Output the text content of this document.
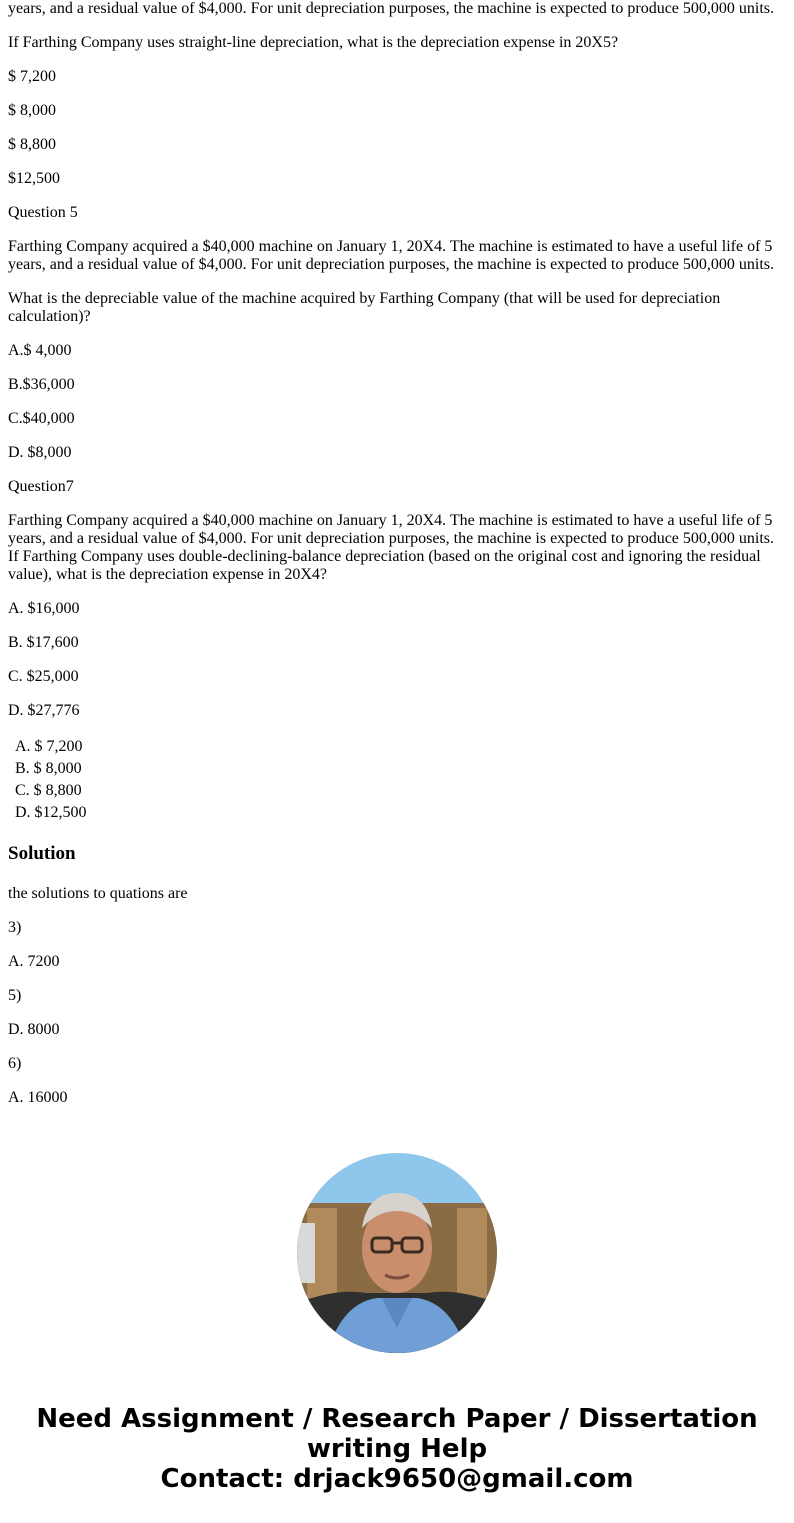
years, and a residual value of $4,000. For unit depreciation purposes, the machine is expected to produce 500,000 units.

If Farthing Company uses straight-line depreciation, what is the depreciation expense in 20X5?

$ 7,200

$ 8,000

$ 8,800

$12,500

Question 5

Farthing Company acquired a $40,000 machine on January 1, 20X4. The machine is estimated to have a useful life of 5 years, and a residual value of $4,000. For unit depreciation purposes, the machine is expected to produce 500,000 units.

What is the depreciable value of the machine acquired by Farthing Company (that will be used for depreciation calculation)?

A.$ 4,000

B.$36,000

C.$40,000

D. $8,000

Question7

Farthing Company acquired a $40,000 machine on January 1, 20X4. The machine is estimated to have a useful life of 5 years, and a residual value of $4,000. For unit depreciation purposes, the machine is expected to produce 500,000 units. If Farthing Company uses double-declining-balance depreciation (based on the original cost and ignoring the residual value), what is the depreciation expense in 20X4?

A. $16,000

B. $17,600

C. $25,000

D. $27,776

A. $ 7,200
B. $ 8,000
C. $ 8,800
D. $12,500
Solution

the solutions to quations are

3)

A. 7200

5)

D. 8000

6)

A. 16000

Need Assignment / Research Paper / Dissertation
writing Help
Contact: drjack9650@gmail.com
